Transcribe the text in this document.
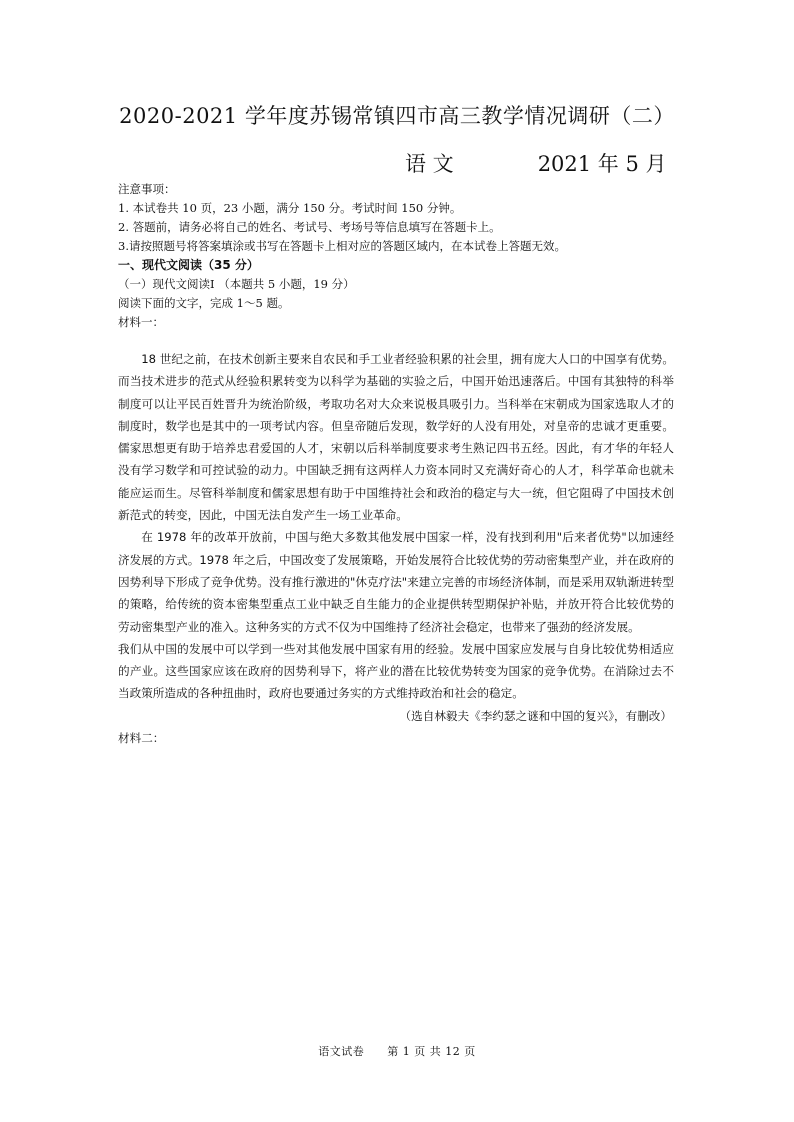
2020-2021 学年度苏锡常镇四市高三教学情况调研（二）
语 文	2021 年 5 月
注意事项：
1. 本试卷共 10 页，23 小题，满分 150 分。考试时间 150 分钟。
2. 答题前，请务必将自己的姓名、考试号、考场号等信息填写在答题卡上。
3.请按照题号将答案填涂或书写在答题卡上相对应的答题区域内，在本试卷上答题无效。
一、现代文阅读（35 分）
（一）现代文阅读Ⅰ （本题共 5 小题，19 分）
阅读下面的文字，完成 1～5 题。
材料一：

18 世纪之前，在技术创新主要来自农民和手工业者经验积累的社会里，拥有庞大人口的中国享有优势。而当技术进步的范式从经验积累转变为以科学为基础的实验之后，中国开始迅速落后。中国有其独特的科举制度可以让平民百姓晋升为统治阶级，考取功名对大众来说极具吸引力。当科举在宋朝成为国家选取人才的制度时，数学也是其中的一项考试内容。但皇帝随后发现，数学好的人没有用处，对皇帝的忠诚才更重要。儒家思想更有助于培养忠君爱国的人才，宋朝以后科举制度要求考生熟记四书五经。因此，有才华的年轻人没有学习数学和可控试验的动力。中国缺乏拥有这两样人力资本同时又充满好奇心的人才，科学革命也就未能应运而生。尽管科举制度和儒家思想有助于中国维持社会和政治的稳定与大一统，但它阻碍了中国技术创新范式的转变，因此，中国无法自发产生一场工业革命。

在 1978 年的改革开放前，中国与绝大多数其他发展中国家一样，没有找到利用"后来者优势"以加速经济发展的方式。1978 年之后，中国改变了发展策略，开始发展符合比较优势的劳动密集型产业，并在政府的因势利导下形成了竞争优势。没有推行激进的"休克疗法"来建立完善的市场经济体制，而是采用双轨渐进转型的策略，给传统的资本密集型重点工业中缺乏自生能力的企业提供转型期保护补贴，并放开符合比较优势的劳动密集型产业的准入。这种务实的方式不仅为中国维持了经济社会稳定，也带来了强劲的经济发展。

我们从中国的发展中可以学到一些对其他发展中国家有用的经验。发展中国家应发展与自身比较优势相适应的产业。这些国家应该在政府的因势利导下，将产业的潜在比较优势转变为国家的竞争优势。在消除过去不当政策所造成的各种扭曲时，政府也要通过务实的方式维持政治和社会的稳定。

（选自林毅夫《李约瑟之谜和中国的复兴》，有删改）

材料二：

语文试卷　　第 1 页 共 12 页
